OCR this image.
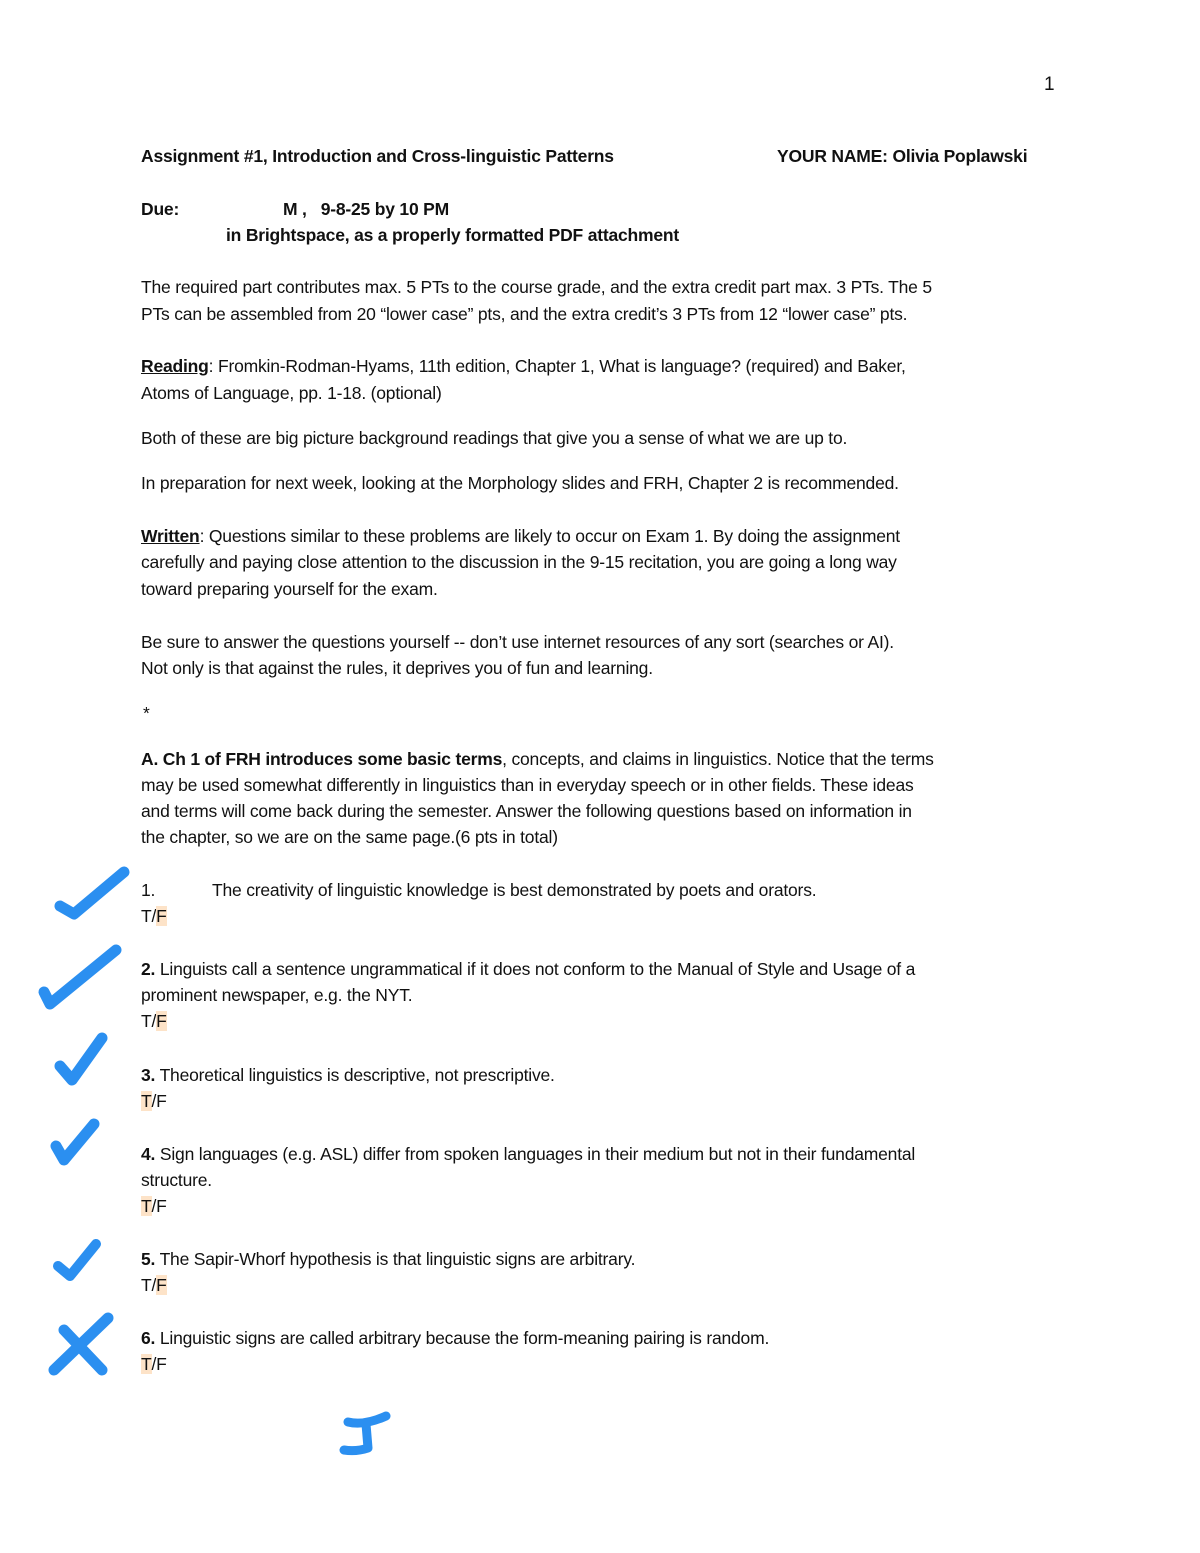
1
Assignment #1, Introduction and Cross-linguistic Patterns	YOUR NAME: Olivia Poplawski
Due:	M ,   9-8-25 by 10 PM
in Brightspace, as a properly formatted PDF attachment
The required part contributes max. 5 PTs to the course grade, and the extra credit part max. 3 PTs. The 5
PTs can be assembled from 20 “lower case” pts, and the extra credit’s 3 PTs from 12 “lower case” pts.
Reading: Fromkin-Rodman-Hyams, 11th edition, Chapter 1, What is language? (required) and Baker,
Atoms of Language, pp. 1-18. (optional)
Both of these are big picture background readings that give you a sense of what we are up to.
In preparation for next week, looking at the Morphology slides and FRH, Chapter 2 is recommended.
Written: Questions similar to these problems are likely to occur on Exam 1. By doing the assignment
carefully and paying close attention to the discussion in the 9-15 recitation, you are going a long way
toward preparing yourself for the exam.
Be sure to answer the questions yourself -- don’t use internet resources of any sort (searches or AI).
Not only is that against the rules, it deprives you of fun and learning.
*
A. Ch 1 of FRH introduces some basic terms, concepts, and claims in linguistics. Notice that the terms
may be used somewhat differently in linguistics than in everyday speech or in other fields. These ideas
and terms will come back during the semester. Answer the following questions based on information in
the chapter, so we are on the same page.(6 pts in total)
1.	The creativity of linguistic knowledge is best demonstrated by poets and orators.
T/F
2. Linguists call a sentence ungrammatical if it does not conform to the Manual of Style and Usage of a
prominent newspaper, e.g. the NYT.
T/F
3. Theoretical linguistics is descriptive, not prescriptive.
T/F
4. Sign languages (e.g. ASL) differ from spoken languages in their medium but not in their fundamental
structure.
T/F
5. The Sapir-Whorf hypothesis is that linguistic signs are arbitrary.
T/F
6. Linguistic signs are called arbitrary because the form-meaning pairing is random.
T/F
